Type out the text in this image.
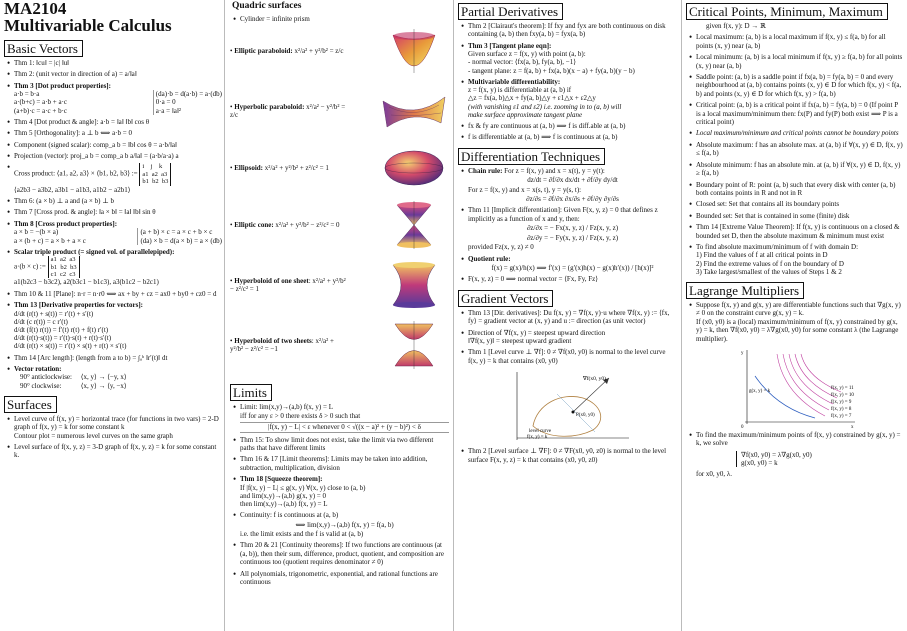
MA2104
Multivariable Calculus
Basic Vectors
• Thm 1: ‖cu‖ = |c| ‖u‖
• Thm 2: (unit vector in direction of a) = a/‖a‖
• Thm 3 [Dot product properties]:
a·b = b·a
a·(b+c) = a·b + a·c
(a+b)·c = a·c + b·c
(da)·b = d(a·b) = a·(db)
0·a = 0
a·a = ‖a‖²
• Thm 4 [Dot product & angle]: a·b = ‖a‖ ‖b‖ cos θ
• Thm 5 [Orthogonality]: a ⊥ b ⟺ a·b = 0
• Component (signed scalar): comp_a b = ‖b‖ cos θ = a·b/‖a‖
• Projection (vector): proj_a b = comp_a b a/‖a‖ = (a·b/a·a) a
• Cross product: ⟨a1, a2, a3⟩ × ⟨b1, b2, b3⟩ := i    j    k
a1  a2  a3
b1  b2  b3
⟨a2b3 − a3b2, a3b1 − a1b3, a1b2 − a2b1⟩
• Thm 6: (a × b) ⊥ a and (a × b) ⊥ b
• Thm 7 [Cross prod. & angle]: ‖a × b‖ = ‖a‖ ‖b‖ sin θ
• Thm 8 [Cross product properties]:
a × b = −(b × a)
a × (b + c) = a × b + a × c
(a + b) × c = a × c + b × c
(da) × b = d(a × b) = a × (db)
• Scalar triple product (= signed vol. of parallelepiped):
a·(b × c) := a1  a2  a3
b1  b2  b3
c1  c2  c3
a1(b2c3 − b3c2), a2(b3c1 − b1c3), a3(b1c2 − b2c1)
• Thm 10 & 11 [Plane]: n·r = n·r0 ⟺ ax + by + cz = ax0 + by0 + cz0 = d
• Thm 13 [Derivative properties for vectors]:
d/dt (r(t) + s(t)) = r′(t) + s′(t)
d/dt (c r(t)) = c r′(t)
d/dt (f(t) r(t)) = f′(t) r(t) + f(t) r′(t)
d/dt (r(t)·s(t)) = r′(t)·s(t) + r(t)·s′(t)
d/dt (r(t) × s(t)) = r′(t) × s(t) + r(t) × s′(t)
• Thm 14 [Arc length]: (length from a to b) = ∫ₐᵇ ‖r′(t)‖ dt
• Vector rotation:
90° anticlockwise:     ⟨x, y⟩ → ⟨−y, x⟩
90° clockwise:           ⟨x, y⟩ → ⟨y, −x⟩
Surfaces
• Level curve of f(x, y) = horizontal trace (for functions in two vars) = 2-D graph of f(x, y) = k for some constant k
Contour plot = numerous level curves on the same graph
• Level surface of f(x, y, z) = 3-D graph of f(x, y, z) = k for some constant k.
Quadric surfaces
• Cylinder = infinite prism
• Elliptic paraboloid: x²/a² + y²/b² = z/c
• Hyperbolic paraboloid: x²/a² − y²/b² = z/c
• Ellipsoid: x²/a² + y²/b² + z²/c² = 1
• Elliptic cone: x²/a² + y²/b² − z²/c² = 0
• Hyperboloid of one sheet: x²/a² + y²/b² − z²/c² = 1
• Hyperboloid of two sheets: x²/a² + y²/b² − z²/c² = −1
Limits
• Limit: lim(x,y)→(a,b) f(x, y) = L
iff for any ε > 0 there exists δ > 0 such that
|f(x, y) − L| < ε whenever 0 < √((x − a)² + (y − b)²) < δ
• Thm 15: To show limit does not exist, take the limit via two different paths that have different limits
• Thm 16 & 17 [Limit theorems]: Limits may be taken into addition, subtraction, multiplication, division
• Thm 18 [Squeeze theorem]:
If |f(x, y) − L| ≤ g(x, y) ∀(x, y) close to (a, b)
and lim(x,y)→(a,b) g(x, y) = 0
then lim(x,y)→(a,b) f(x, y) = L
• Continuity: f is continuous at (a, b)
⟺ lim(x,y)→(a,b) f(x, y) = f(a, b)
i.e. the limit exists and the f is valid at (a, b)
• Thm 20 & 21 [Continuity theorems]: If two functions are continuous (at (a, b)), then their sum, difference, product, quotient, and composition are continuous too (quotient requires denominator ≠ 0)
• All polynomials, trigonometric, exponential, and rational functions are continuous
Partial Derivatives
• Thm 2 [Clairaut's theorem]: If fxy and fyx are both continuous on disk containing (a, b) then fxy(a, b) = fyx(a, b)
• Thm 3 [Tangent plane eqn]:
Given surface z = f(x, y) with point (a, b):
- normal vector: ⟨fx(a, b), fy(a, b), −1⟩
- tangent plane: z = f(a, b) + fx(a, b)(x − a) + fy(a, b)(y − b)
• Multivariable differentiability:
z = f(x, y) is differentiable at (a, b) if
△z = fx(a, b)△x + fy(a, b)△y + ε1△x + ε2△y
(with vanishing ε1 and ε2) i.e. zooming in to (a, b) will
make surface approximate tangent plane
• fx & fy are continuous at (a, b) ⟹ f is diff.able at (a, b)
• f is differentiable at (a, b) ⟹ f is continuous at (a, b)
Differentiation Techniques
• Chain rule: For z = f(x, y) and x = x(t), y = y(t):
dz/dt = ∂f/∂x dx/dt + ∂f/∂y dy/dt
For z = f(x, y) and x = x(s, t), y = y(s, t):
∂z/∂s = ∂f/∂x ∂x/∂s + ∂f/∂y ∂y/∂s
• Thm 11 [Implicit differentiation]: Given F(x, y, z) = 0 that defines z implicitly as a function of x and y, then:
∂z/∂x = − Fx(x, y, z) / Fz(x, y, z)
∂z/∂y = − Fy(x, y, z) / Fz(x, y, z)
provided Fz(x, y, z) ≠ 0
• Quotient rule:
f(x) = g(x)/h(x) ⟹ f′(x) = (g′(x)h(x) − g(x)h′(x)) / [h(x)]²
• F(x, y, z) = 0 ⟹ normal vector = ⟨Fx, Fy, Fz⟩
Gradient Vectors
• Thm 13 [Dir. derivatives]: Du f(x, y) = ∇f(x, y)·u where ∇f(x, y) := ⟨fx, fy⟩ = gradient vector at (x, y) and u := direction (as unit vector)
• Direction of ∇f(x, y) = steepest upward direction
‖∇f(x, y)‖ = steepest upward gradient
• Thm 1 [Level curve ⊥ ∇f]: 0 ≠ ∇f(x0, y0) is normal to the level curve f(x, y) = k that contains (x0, y0)
∇f(x0, y0)
P(x0, y0)
level curve
f(x, y) = k
• Thm 2 [Level surface ⊥ ∇F]: 0 ≠ ∇F(x0, y0, z0) is normal to the level surface F(x, y, z) = k that contains (x0, y0, z0)
Critical Points, Minimum, Maximum
given f(x, y): D → ℝ
• Local maximum: (a, b) is a local maximum if f(x, y) ≤ f(a, b) for all points (x, y) near (a, b)
• Local minimum: (a, b) is a local minimum if f(x, y) ≥ f(a, b) for all points (x, y) near (a, b)
• Saddle point: (a, b) is a saddle point if fx(a, b) = fy(a, b) = 0 and every neighbourhood at (a, b) contains points (x, y) ∈ D for which f(x, y) < f(a, b) and points (x, y) ∈ D for which f(x, y) > f(a, b)
• Critical point: (a, b) is a critical point if fx(a, b) = fy(a, b) = 0 (If point P is a local maximum/minimum then: fx(P) and fy(P) both exist ⟹ P is a critical point)
• Local maximum/minimum and critical points cannot be boundary points
• Absolute maximum: f has an absolute max. at (a, b) if ∀(x, y) ∈ D, f(x, y) ≤ f(a, b)
• Absolute minimum: f has an absolute min. at (a, b) if ∀(x, y) ∈ D, f(x, y) ≥ f(a, b)
• Boundary point of R: point (a, b) such that every disk with center (a, b) both contains points in R and not in R
• Closed set: Set that contains all its boundary points
• Bounded set: Set that is contained in some (finite) disk
• Thm 14 [Extreme Value Theorem]: If f(x, y) is continuous on a closed & bounded set D, then the absolute maximum & minimum must exist
• To find absolute maximum/minimum of f with domain D:
1) Find the values of f at all critical points in D
2) Find the extreme values of f on the boundary of D
3) Take largest/smallest of the values of Steps 1 & 2
Lagrange Multipliers
• Suppose f(x, y) and g(x, y) are differentiable functions such that ∇g(x, y) ≠ 0 on the constraint curve g(x, y) = k.
If (x0, y0) is a (local) maximum/minimum of f(x, y) constrained by g(x, y) = k, then ∇f(x0, y0) = λ∇g(x0, y0) for some constant λ (the Lagrange multiplier).
f(x, y) = 11
f(x, y) = 10
f(x, y) = 9
f(x, y) = 8
f(x, y) = 7
g(x, y) = k
x
y
0
• To find the maximum/minimum points of f(x, y) constrained by g(x, y) = k, we solve
∇f(x0, y0) = λ∇g(x0, y0)
g(x0, y0) = k
for x0, y0, λ.
